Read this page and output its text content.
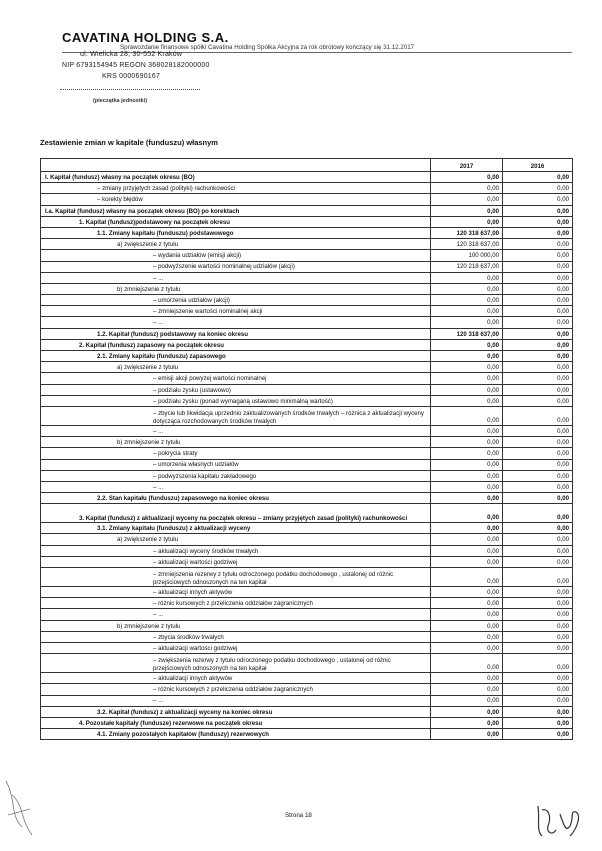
CAVATINA HOLDING S.A.
Sprawozdanie finansowe spółki Cavatina Holding Spółka Akcyjna za rok obrotowy kończący się 31.12.2017
ul. Wielicka 28, 30-552 Kraków
NIP 6793154945 REGON 368028182000000
KRS 0000690167
(pieczątka jednostki)
Zestawienie zmian w kapitale (funduszu) własnym
	2017	2016
I. Kapitał (fundusz) własny na początek okresu (BO)	0,00	0,00
– zmiany przyjętych zasad (polityki) rachunkowości	0,00	0,00
– korekty błędów	0,00	0,00
I.a. Kapitał (fundusz) własny na początek okresu (BO) po korektach	0,00	0,00
1. Kapitał (fundusz)podstawowy na początek okresu	0,00	0,00
1.1. Zmiany kapitału (funduszu) podstawowego	120 318 637,00	0,00
a) zwiększenie z tytułu	120 318 637,00	0,00
– wydania udziałów (emisji akcji)	100 000,00	0,00
– podwyższenie wartości nominalnej udziałów (akcji)	120 218 637,00	0,00
– ...	0,00	0,00
b) zmniejszenie z tytułu	0,00	0,00
– umorzenia udziałów (akcji)	0,00	0,00
– zmniejszenie wartości nominalnej akcji	0,00	0,00
– ...	0,00	0,00
1.2. Kapitał (fundusz) podstawowy na koniec okresu	120 318 637,00	0,00
2. Kapitał (fundusz) zapasowy na początek okresu	0,00	0,00
2.1. Zmiany kapitału (funduszu) zapasowego	0,00	0,00
a) zwiększenie z tytułu	0,00	0,00
– emisji akcji powyżej wartości nominalnej	0,00	0,00
– podziału zysku (ustawowo)	0,00	0,00
– podziału zysku (ponad wymaganą ustawowo minimalną wartość)	0,00	0,00
– zbycie lub likwidacja uprzednio zaktualizowanych środków trwałych – różnica z aktualizacji wyceny dotycząca rozchodowanych środków trwałych	0,00	0,00
– ...	0,00	0,00
b) zmniejszenie z tytułu	0,00	0,00
– pokrycia straty	0,00	0,00
– umorzenia własnych udziałów	0,00	0,00
– podwyższenia kapitału zakładowego	0,00	0,00
– ...	0,00	0,00
2.2. Stan kapitału (funduszu) zapasowego na koniec okresu	0,00	0,00
3. Kapitał (fundusz) z aktualizacji wyceny na początek okresu – zmiany przyjętych zasad (polityki) rachunkowości	0,00	0,00
3.1. Zmiany kapitału (funduszu) z aktualizacji wyceny	0,00	0,00
a) zwiększenie z tytułu	0,00	0,00
– aktualizacji wyceny środków trwałych	0,00	0,00
– aktualizacji wartości godziwej	0,00	0,00
– zmniejszenia rezerwy z tytułu odroczonego podatku dochodowego , ustalonej od różnic przejściowych odnoszonych na ten kapitał	0,00	0,00
– aktualizacji innych aktywów	0,00	0,00
– różnic kursowych z przeliczenia oddziałów zagranicznych	0,00	0,00
– ...	0,00	0,00
b) zmniejszenie z tytułu	0,00	0,00
– zbycia środków trwałych	0,00	0,00
– aktualizacji wartości godziwej	0,00	0,00
– zwiększenia rezerwy z tytułu odroczonego podatku dochodowego , ustalonej od różnic przejściowych odnoszonych na ten kapitał	0,00	0,00
– aktualizacji innych aktywów	0,00	0,00
– różnic kursowych z przeliczenia oddziałów zagranicznych	0,00	0,00
– ...	0,00	0,00
3.2. Kapitał (fundusz) z aktualizacji wyceny na koniec okresu	0,00	0,00
4. Pozostałe kapitały (fundusze) rezerwowe na początek okresu	0,00	0,00
4.1. Zmiany pozostałych kapitałów (funduszy) rezerwowych	0,00	0,00
Strona 18
